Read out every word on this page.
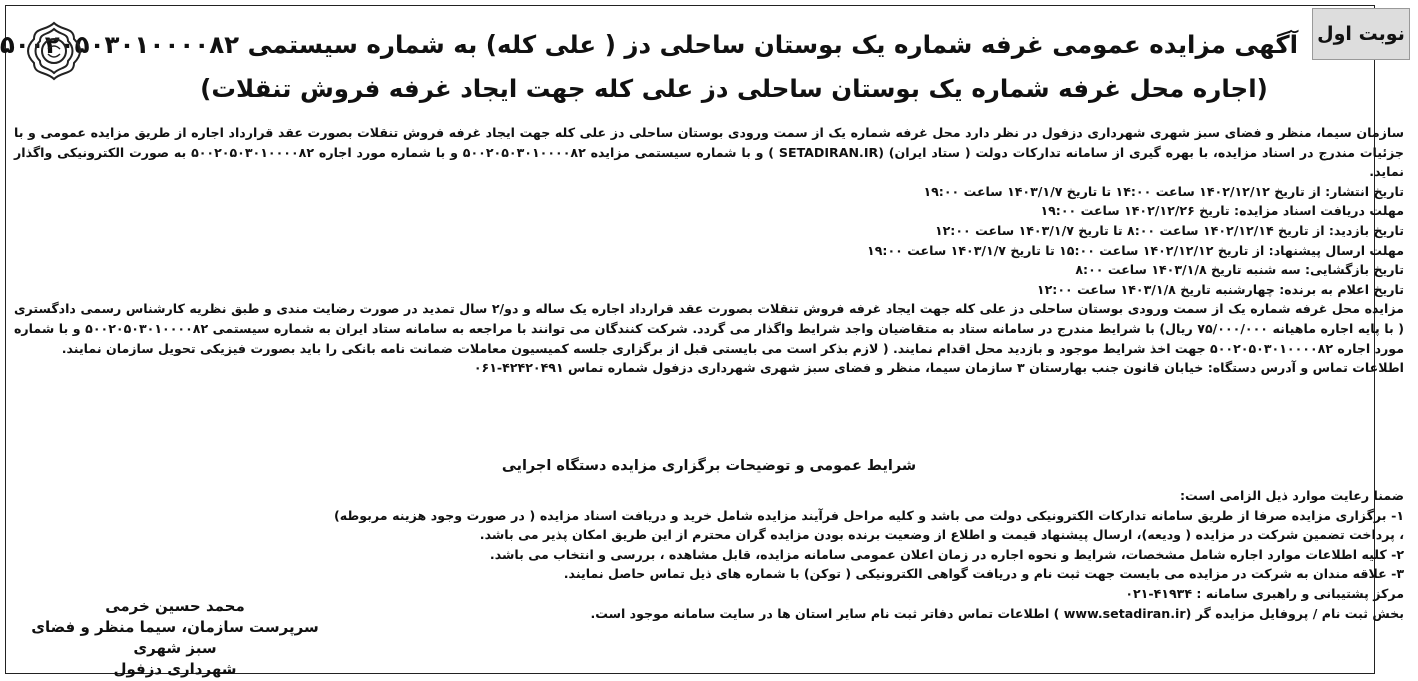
نوبت اول
آگهی مزایده عمومی غرفه شماره یک بوستان ساحلی دز ( علی کله) به شماره سیستمی ۵۰۰۲۰۵۰۳۰۱۰۰۰۰۸۲
(اجاره محل غرفه شماره یک بوستان ساحلی دز علی کله جهت ایجاد غرفه فروش تنقلات)

سازمان سیما، منظر و فضای سبز شهری شهرداری دزفول در نظر دارد محل غرفه شماره یک از سمت ورودی بوستان ساحلی دز علی کله جهت ایجاد غرفه فروش تنقلات بصورت عقد قرارداد اجاره از طریق مزایده عمومی و با جزئیات مندرج در اسناد مزایده، با بهره گیری از سامانه تدارکات دولت ( ستاد ایران) (SETADIRAN.IR ) و با شماره سیستمی مزایده ۵۰۰۲۰۵۰۳۰۱۰۰۰۰۸۲ و با شماره مورد اجاره ۵۰۰۲۰۵۰۳۰۱۰۰۰۰۸۲ به صورت الکترونیکی واگذار نماید.

تاریخ انتشار: از تاریخ ۱۴۰۲/۱۲/۱۲ ساعت ۱۴:۰۰ تا تاریخ ۱۴۰۳/۱/۷ ساعت ۱۹:۰۰
مهلت دریافت اسناد مزایده: تاریخ ۱۴۰۲/۱۲/۲۶ ساعت ۱۹:۰۰
تاریخ بازدید: از تاریخ ۱۴۰۲/۱۲/۱۴ ساعت ۸:۰۰ تا تاریخ ۱۴۰۳/۱/۷ ساعت ۱۲:۰۰
مهلت ارسال پیشنهاد: از تاریخ ۱۴۰۲/۱۲/۱۲ ساعت ۱۵:۰۰ تا تاریخ ۱۴۰۳/۱/۷ ساعت ۱۹:۰۰
تاریخ بازگشایی: سه شنبه تاریخ ۱۴۰۳/۱/۸ ساعت ۸:۰۰
تاریخ اعلام به برنده: چهارشنبه تاریخ ۱۴۰۳/۱/۸ ساعت ۱۲:۰۰

مزایده محل غرفه شماره یک از سمت ورودی بوستان ساحلی دز علی کله جهت ایجاد غرفه فروش تنقلات بصورت عقد قرارداد اجاره یک ساله و دو/۲ سال تمدید در صورت رضایت مندی و طبق نظریه کارشناس رسمی دادگستری ( با پایه اجاره ماهیانه ۷۵/۰۰۰/۰۰۰ ریال) با شرایط مندرج در سامانه ستاد به متقاضیان واجد شرایط واگذار می گردد. شرکت کنندگان می توانند با مراجعه به سامانه ستاد ایران به شماره سیستمی ۵۰۰۲۰۵۰۳۰۱۰۰۰۰۸۲ و با شماره مورد اجاره ۵۰۰۲۰۵۰۳۰۱۰۰۰۰۸۲ جهت اخذ شرایط موجود و بازدید محل اقدام نمایند. ( لازم بذکر است می بایستی قبل از برگزاری جلسه کمیسیون معاملات ضمانت نامه بانکی را باید بصورت فیزیکی تحویل سازمان نمایند.

اطلاعات تماس و آدرس دستگاه: خیابان قانون جنب بهارستان ۳ سازمان سیما، منظر و فضای سبز شهری شهرداری دزفول شماره تماس ۴۲۴۲۰۴۹۱-۰۶۱
شرایط عمومی و توضیحات برگزاری مزایده دستگاه اجرایی

ضمنا رعایت موارد ذیل الزامی است:

۱- برگزاری مزایده صرفا از طریق سامانه تدارکات الکترونیکی دولت می باشد و کلیه مراحل فرآیند مزایده شامل خرید و دریافت اسناد مزایده ( در صورت وجود هزینه مربوطه) ، پرداخت تضمین شرکت در مزایده ( ودیعه)، ارسال پیشنهاد قیمت و اطلاع از وضعیت برنده بودن مزایده گران محترم از این طریق امکان پذیر می باشد.

۲- کلیه اطلاعات موارد اجاره شامل مشخصات، شرایط و نحوه اجاره در زمان اعلان عمومی سامانه مزایده، قابل مشاهده ، بررسی و انتخاب می باشد.

۳- علاقه مندان به شرکت در مزایده می بایست جهت ثبت نام و دریافت گواهی الکترونیکی ( توکن) با شماره های ذیل تماس حاصل نمایند.

مرکز پشتیبانی و راهبری سامانه : ۴۱۹۳۴-۰۲۱

بخش ثبت نام / پروفایل مزایده گر (www.setadiran.ir ) اطلاعات تماس دفاتر ثبت نام سایر استان ها در سایت سامانه موجود است.

محمد حسین خرمی
سرپرست سازمان، سیما منظر و فضای سبز شهری
شهرداری دزفول
